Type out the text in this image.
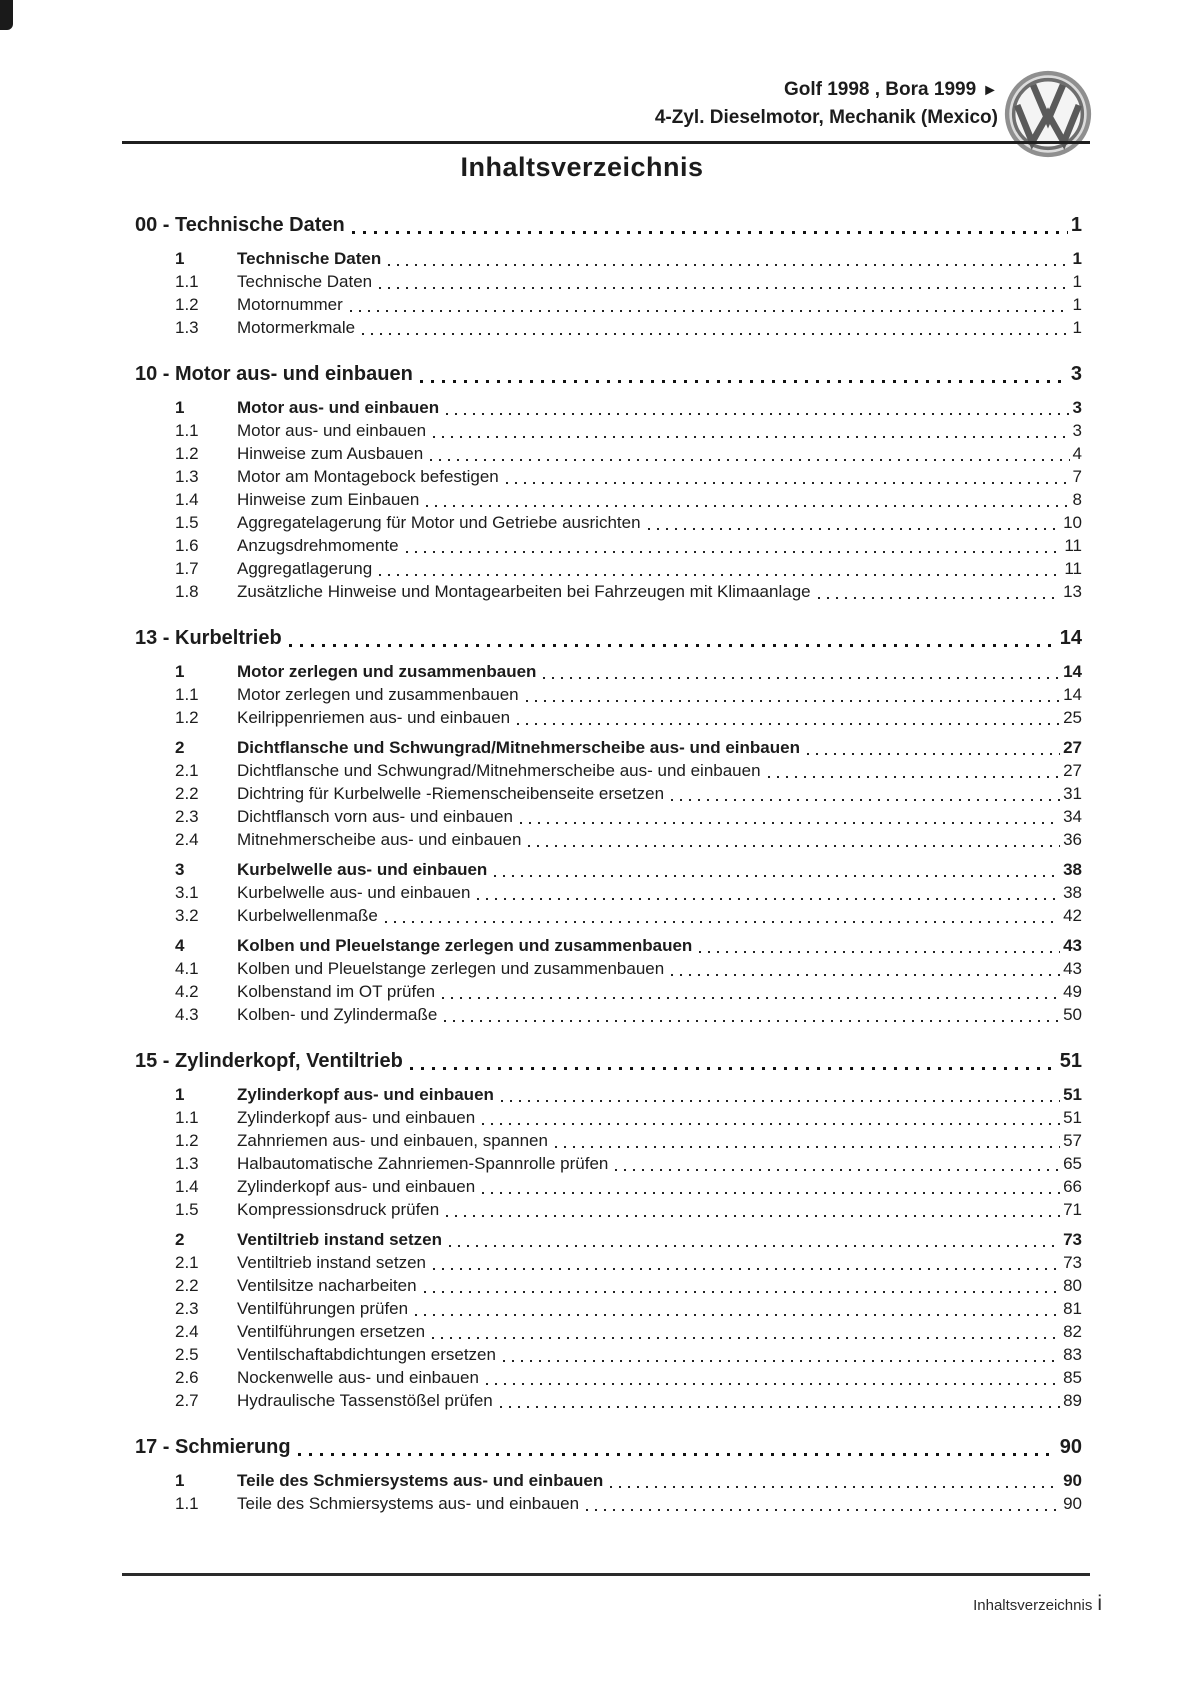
Golf 1998 , Bora 1999 ►
4-Zyl. Dieselmotor, Mechanik (Mexico)
Inhaltsverzeichnis
00 - Technische Daten	1
1	Technische Daten	1
1.1	Technische Daten	1
1.2	Motornummer	1
1.3	Motormerkmale	1
10 - Motor aus- und einbauen	3
1	Motor aus- und einbauen	3
1.1	Motor aus- und einbauen	3
1.2	Hinweise zum Ausbauen	4
1.3	Motor am Montagebock befestigen	7
1.4	Hinweise zum Einbauen	8
1.5	Aggregatelagerung für Motor und Getriebe ausrichten	10
1.6	Anzugsdrehmomente	11
1.7	Aggregatlagerung	11
1.8	Zusätzliche Hinweise und Montagearbeiten bei Fahrzeugen mit Klimaanlage	13
13 - Kurbeltrieb	14
1	Motor zerlegen und zusammenbauen	14
1.1	Motor zerlegen und zusammenbauen	14
1.2	Keilrippenriemen aus- und einbauen	25
2	Dichtflansche und Schwungrad/Mitnehmerscheibe aus- und einbauen	27
2.1	Dichtflansche und Schwungrad/Mitnehmerscheibe aus- und einbauen	27
2.2	Dichtring für Kurbelwelle -Riemenscheibenseite ersetzen	31
2.3	Dichtflansch vorn aus- und einbauen	34
2.4	Mitnehmerscheibe aus- und einbauen	36
3	Kurbelwelle aus- und einbauen	38
3.1	Kurbelwelle aus- und einbauen	38
3.2	Kurbelwellenmaße	42
4	Kolben und Pleuelstange zerlegen und zusammenbauen	43
4.1	Kolben und Pleuelstange zerlegen und zusammenbauen	43
4.2	Kolbenstand im OT prüfen	49
4.3	Kolben- und Zylindermaße	50
15 - Zylinderkopf, Ventiltrieb	51
1	Zylinderkopf aus- und einbauen	51
1.1	Zylinderkopf aus- und einbauen	51
1.2	Zahnriemen aus- und einbauen, spannen	57
1.3	Halbautomatische Zahnriemen-Spannrolle prüfen	65
1.4	Zylinderkopf aus- und einbauen	66
1.5	Kompressionsdruck prüfen	71
2	Ventiltrieb instand setzen	73
2.1	Ventiltrieb instand setzen	73
2.2	Ventilsitze nacharbeiten	80
2.3	Ventilführungen prüfen	81
2.4	Ventilführungen ersetzen	82
2.5	Ventilschaftabdichtungen ersetzen	83
2.6	Nockenwelle aus- und einbauen	85
2.7	Hydraulische Tassenstößel prüfen	89
17 - Schmierung	90
1	Teile des Schmiersystems aus- und einbauen	90
1.1	Teile des Schmiersystems aus- und einbauen	90
Inhaltsverzeichnis i
